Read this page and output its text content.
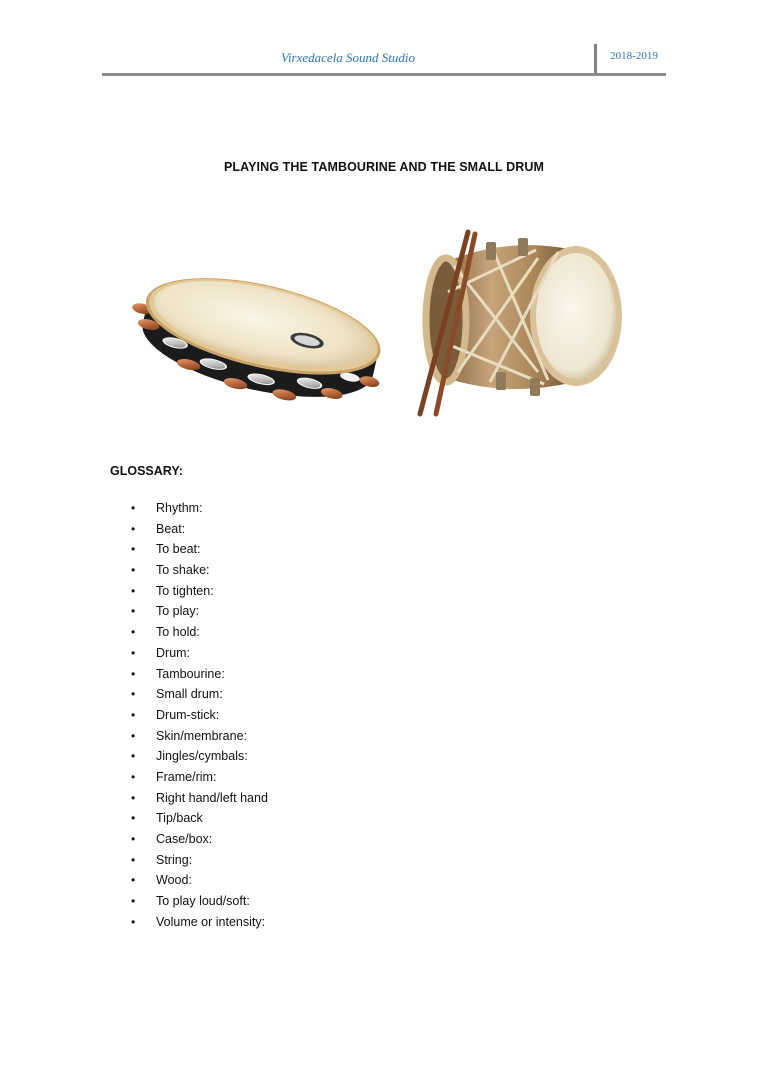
Virxedacela Sound Studio	2018-2019
PLAYING THE TAMBOURINE AND THE SMALL DRUM
GLOSSARY:
• Rhythm:
• Beat:
• To beat:
• To shake:
• To tighten:
• To play:
• To hold:
• Drum:
• Tambourine:
• Small drum:
• Drum-stick:
• Skin/membrane:
• Jingles/cymbals:
• Frame/rim:
• Right hand/left hand
• Tip/back
• Case/box:
• String:
• Wood:
• To play loud/soft:
• Volume or intensity:
